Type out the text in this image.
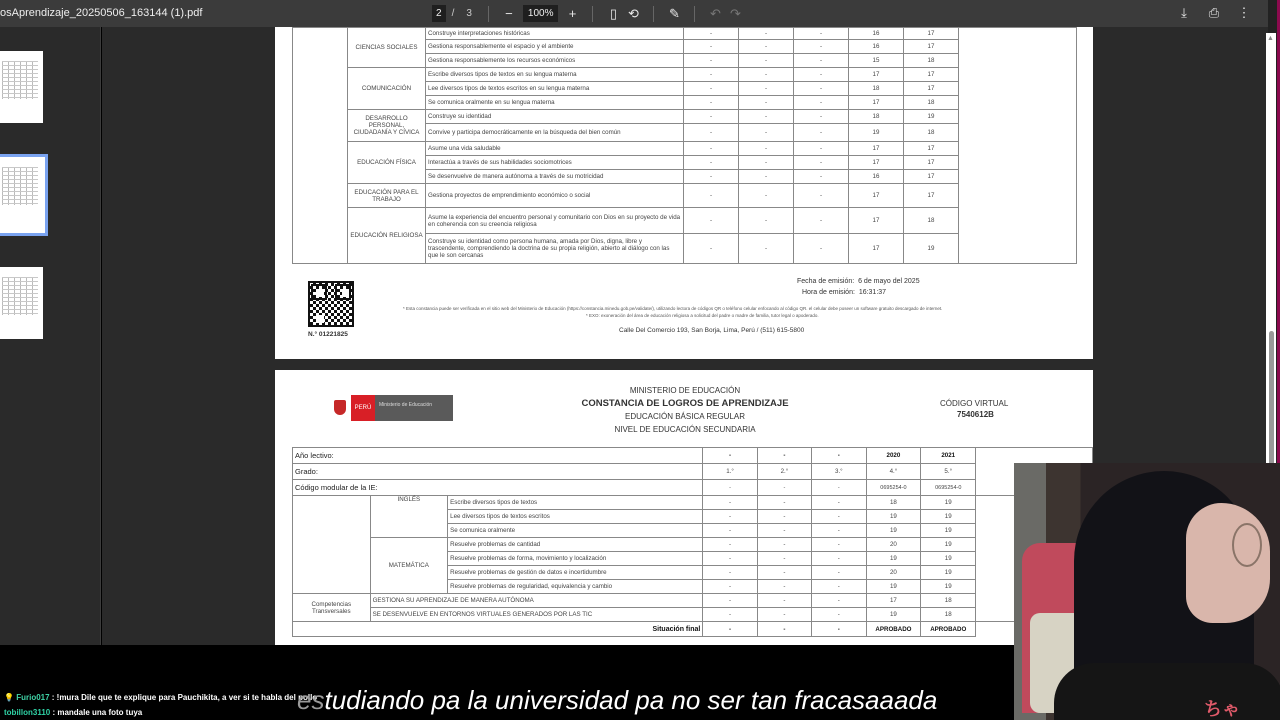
osAprendizaje_20250506_163144 (1).pdf	2	/ 3	−	100%	+	▯ ⟲	✎	↶ ↷	⤓	⎙	⋮
	CIENCIAS SOCIALES	Construye interpretaciones históricas	-	-	-	16	17	
		Gestiona responsablemente el espacio y el ambiente	-	-	-	16	17	
		Gestiona responsablemente los recursos económicos	-	-	-	15	18	
	COMUNICACIÓN	Escribe diversos tipos de textos en su lengua materna	-	-	-	17	17	
		Lee diversos tipos de textos escritos en su lengua materna	-	-	-	18	17	
		Se comunica oralmente en su lengua materna	-	-	-	17	18	
	DESARROLLO PERSONAL, CIUDADANÍA Y CÍVICA	Construye su identidad	-	-	-	18	19	
		Convive y participa democráticamente en la búsqueda del bien común	-	-	-	19	18	
	EDUCACIÓN FÍSICA	Asume una vida saludable	-	-	-	17	17	
		Interactúa a través de sus habilidades sociomotrices	-	-	-	17	17	
		Se desenvuelve de manera autónoma a través de su motricidad	-	-	-	16	17	
	EDUCACIÓN PARA EL TRABAJO	Gestiona proyectos de emprendimiento económico o social	-	-	-	17	17	
	EDUCACIÓN RELIGIOSA	Asume la experiencia del encuentro personal y comunitario con Dios en su proyecto de vida en coherencia con su creencia religiosa	-	-	-	17	18	
		Construye su identidad como persona humana, amada por Dios, digna, libre y trascendente, comprendiendo la doctrina de su propia religión, abierto al diálogo con las que le son cercanas	-	-	-	17	19	
N.° 01221825
Fecha de emisión: 6 de mayo del 2025
Hora de emisión: 16:31:37
* Esta constancia puede ser verificada en el sitio web del Ministerio de Educación (https://constancia.minedu.gob.pe/validate/), utilizando lectora de códigos QR o teléfono celular enfocando al código QR. el celular debe poseer un software gratuito descargado de internet.
* EXO: exoneración del área de educación religiosa a solicitud del padre o madre de familia, tutor legal o apoderado.
Calle Del Comercio 193, San Borja, Lima, Perú / (511) 615-5800
PERÚ	Ministerio de Educación
MINISTERIO DE EDUCACIÓN
CONSTANCIA DE LOGROS DE APRENDIZAJE
EDUCACIÓN BÁSICA REGULAR
NIVEL DE EDUCACIÓN SECUNDARIA
CÓDIGO VIRTUAL
7540612B
Año lectivo:			-	-	-	2020	2021	
Grado:			1.°	2.°	3.°	4.°	5.°	
Código modular de la IE:			-	-	-	0695254-0	0695254-0	
	INGLÉS	Escribe diversos tipos de textos	-	-	-	18	19	
		Lee diversos tipos de textos escritos	-	-	-	19	19	
		Se comunica oralmente	-	-	-	19	19	
	MATEMÁTICA	Resuelve problemas de cantidad	-	-	-	20	19	
		Resuelve problemas de forma, movimiento y localización	-	-	-	19	19	
		Resuelve problemas de gestión de datos e incertidumbre	-	-	-	20	19	
		Resuelve problemas de regularidad, equivalencia y cambio	-	-	-	19	19	
Competencias Transversales	GESTIONA SU APRENDIZAJE DE MANERA AUTÓNOMA		-	-	-	17	18	
	SE DESENVUELVE EN ENTORNOS VIRTUALES GENERADOS POR LAS TIC		-	-	-	19	18	
Situación final			-	-	-	APROBADO	APROBADO	
▲
💡 Furio017 : !mura Dile que te explique para Pauchikita, a ver si te habla del pollo
tobillon3110 : mandale una foto tuya	estudiando pa la universidad pa no ser tan fracasaaada	ちゃ
